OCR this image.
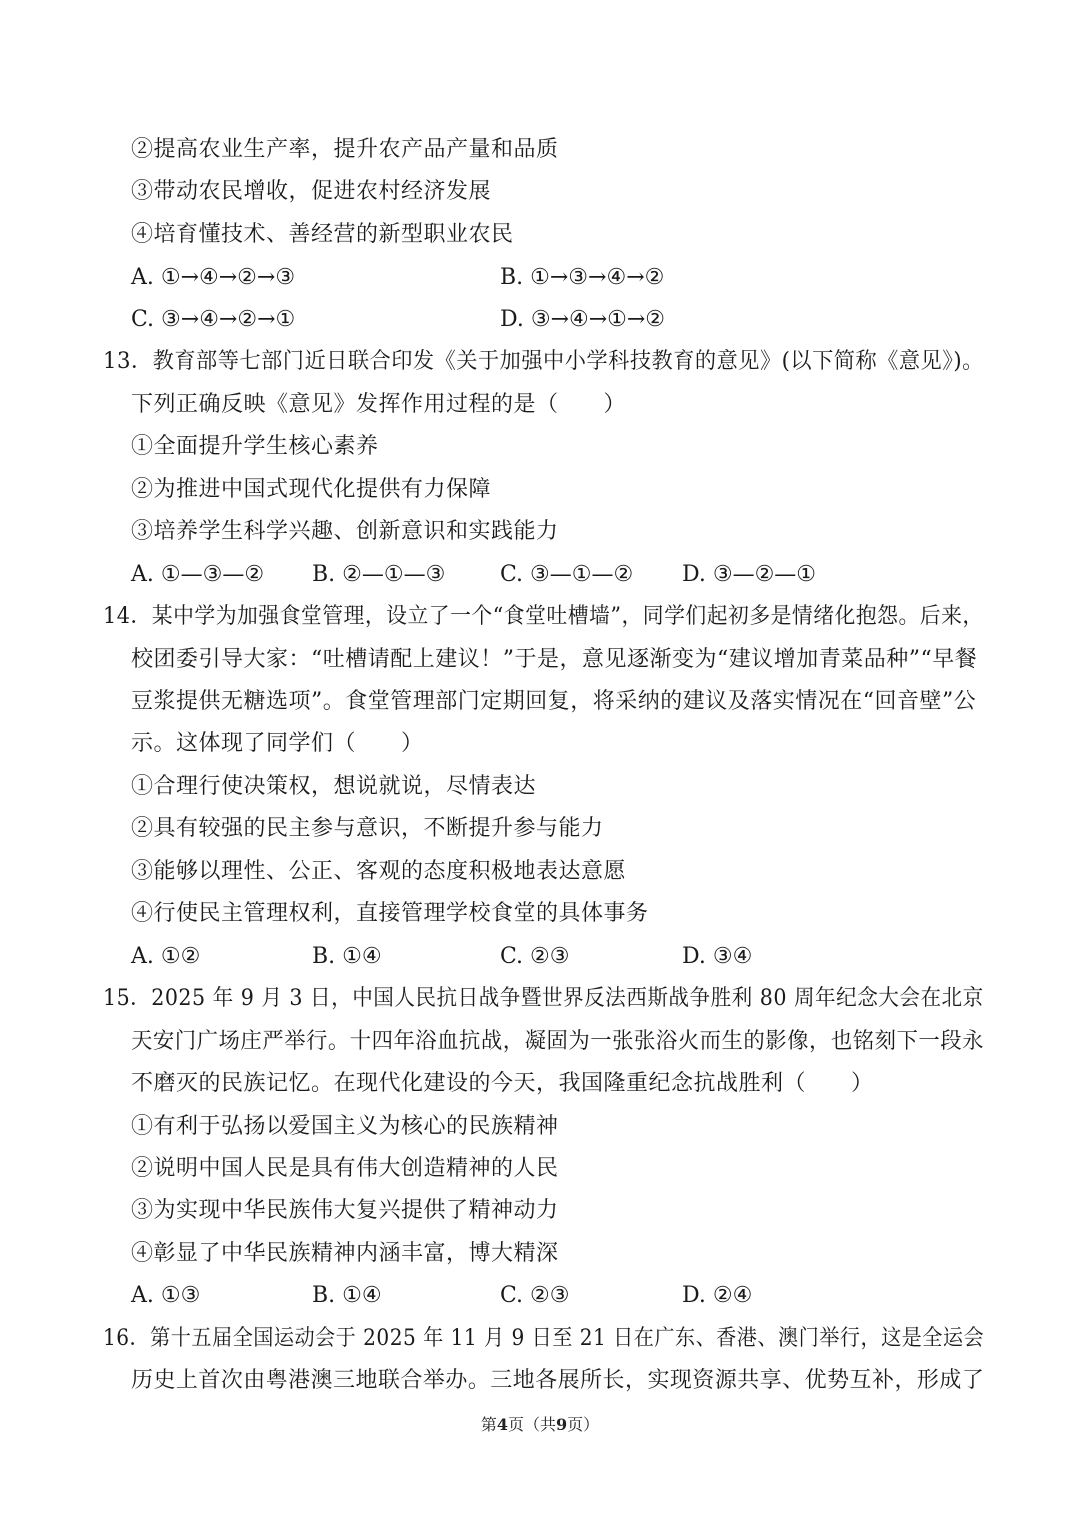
②提高农业生产率，提升农产品产量和品质
③带动农民增收，促进农村经济发展
④培育懂技术、善经营的新型职业农民
A. ①→④→②→③	B. ①→③→④→②
C. ③→④→②→①	D. ③→④→①→②
13．教育部等七部门近日联合印发《关于加强中小学科技教育的意见》(以下简称《意见》)。
下列正确反映《意见》发挥作用过程的是（　　）
①全面提升学生核心素养
②为推进中国式现代化提供有力保障
③培养学生科学兴趣、创新意识和实践能力
A. ①—③—② B. ②—①—③ C. ③—①—② D. ③—②—①
14．某中学为加强食堂管理，设立了一个“食堂吐槽墙”，同学们起初多是情绪化抱怨。后来，
校团委引导大家：“吐槽请配上建议！”于是，意见逐渐变为“建议增加青菜品种”“早餐
豆浆提供无糖选项”。食堂管理部门定期回复，将采纳的建议及落实情况在“回音壁”公
示。这体现了同学们（　　）
①合理行使决策权，想说就说，尽情表达
②具有较强的民主参与意识，不断提升参与能力
③能够以理性、公正、客观的态度积极地表达意愿
④行使民主管理权利，直接管理学校食堂的具体事务
A. ①②	B. ①④	C. ②③	D. ③④
15．2025 年 9 月 3 日，中国人民抗日战争暨世界反法西斯战争胜利 80 周年纪念大会在北京
天安门广场庄严举行。十四年浴血抗战，凝固为一张张浴火而生的影像，也铭刻下一段永
不磨灭的民族记忆。在现代化建设的今天，我国隆重纪念抗战胜利（　　）
①有利于弘扬以爱国主义为核心的民族精神
②说明中国人民是具有伟大创造精神的人民
③为实现中华民族伟大复兴提供了精神动力
④彰显了中华民族精神内涵丰富，博大精深
A. ①③	B. ①④	C. ②③	D. ②④
16．第十五届全国运动会于 2025 年 11 月 9 日至 21 日在广东、香港、澳门举行，这是全运会
历史上首次由粤港澳三地联合举办。三地各展所长，实现资源共享、优势互补，形成了
第4页（共9页）
